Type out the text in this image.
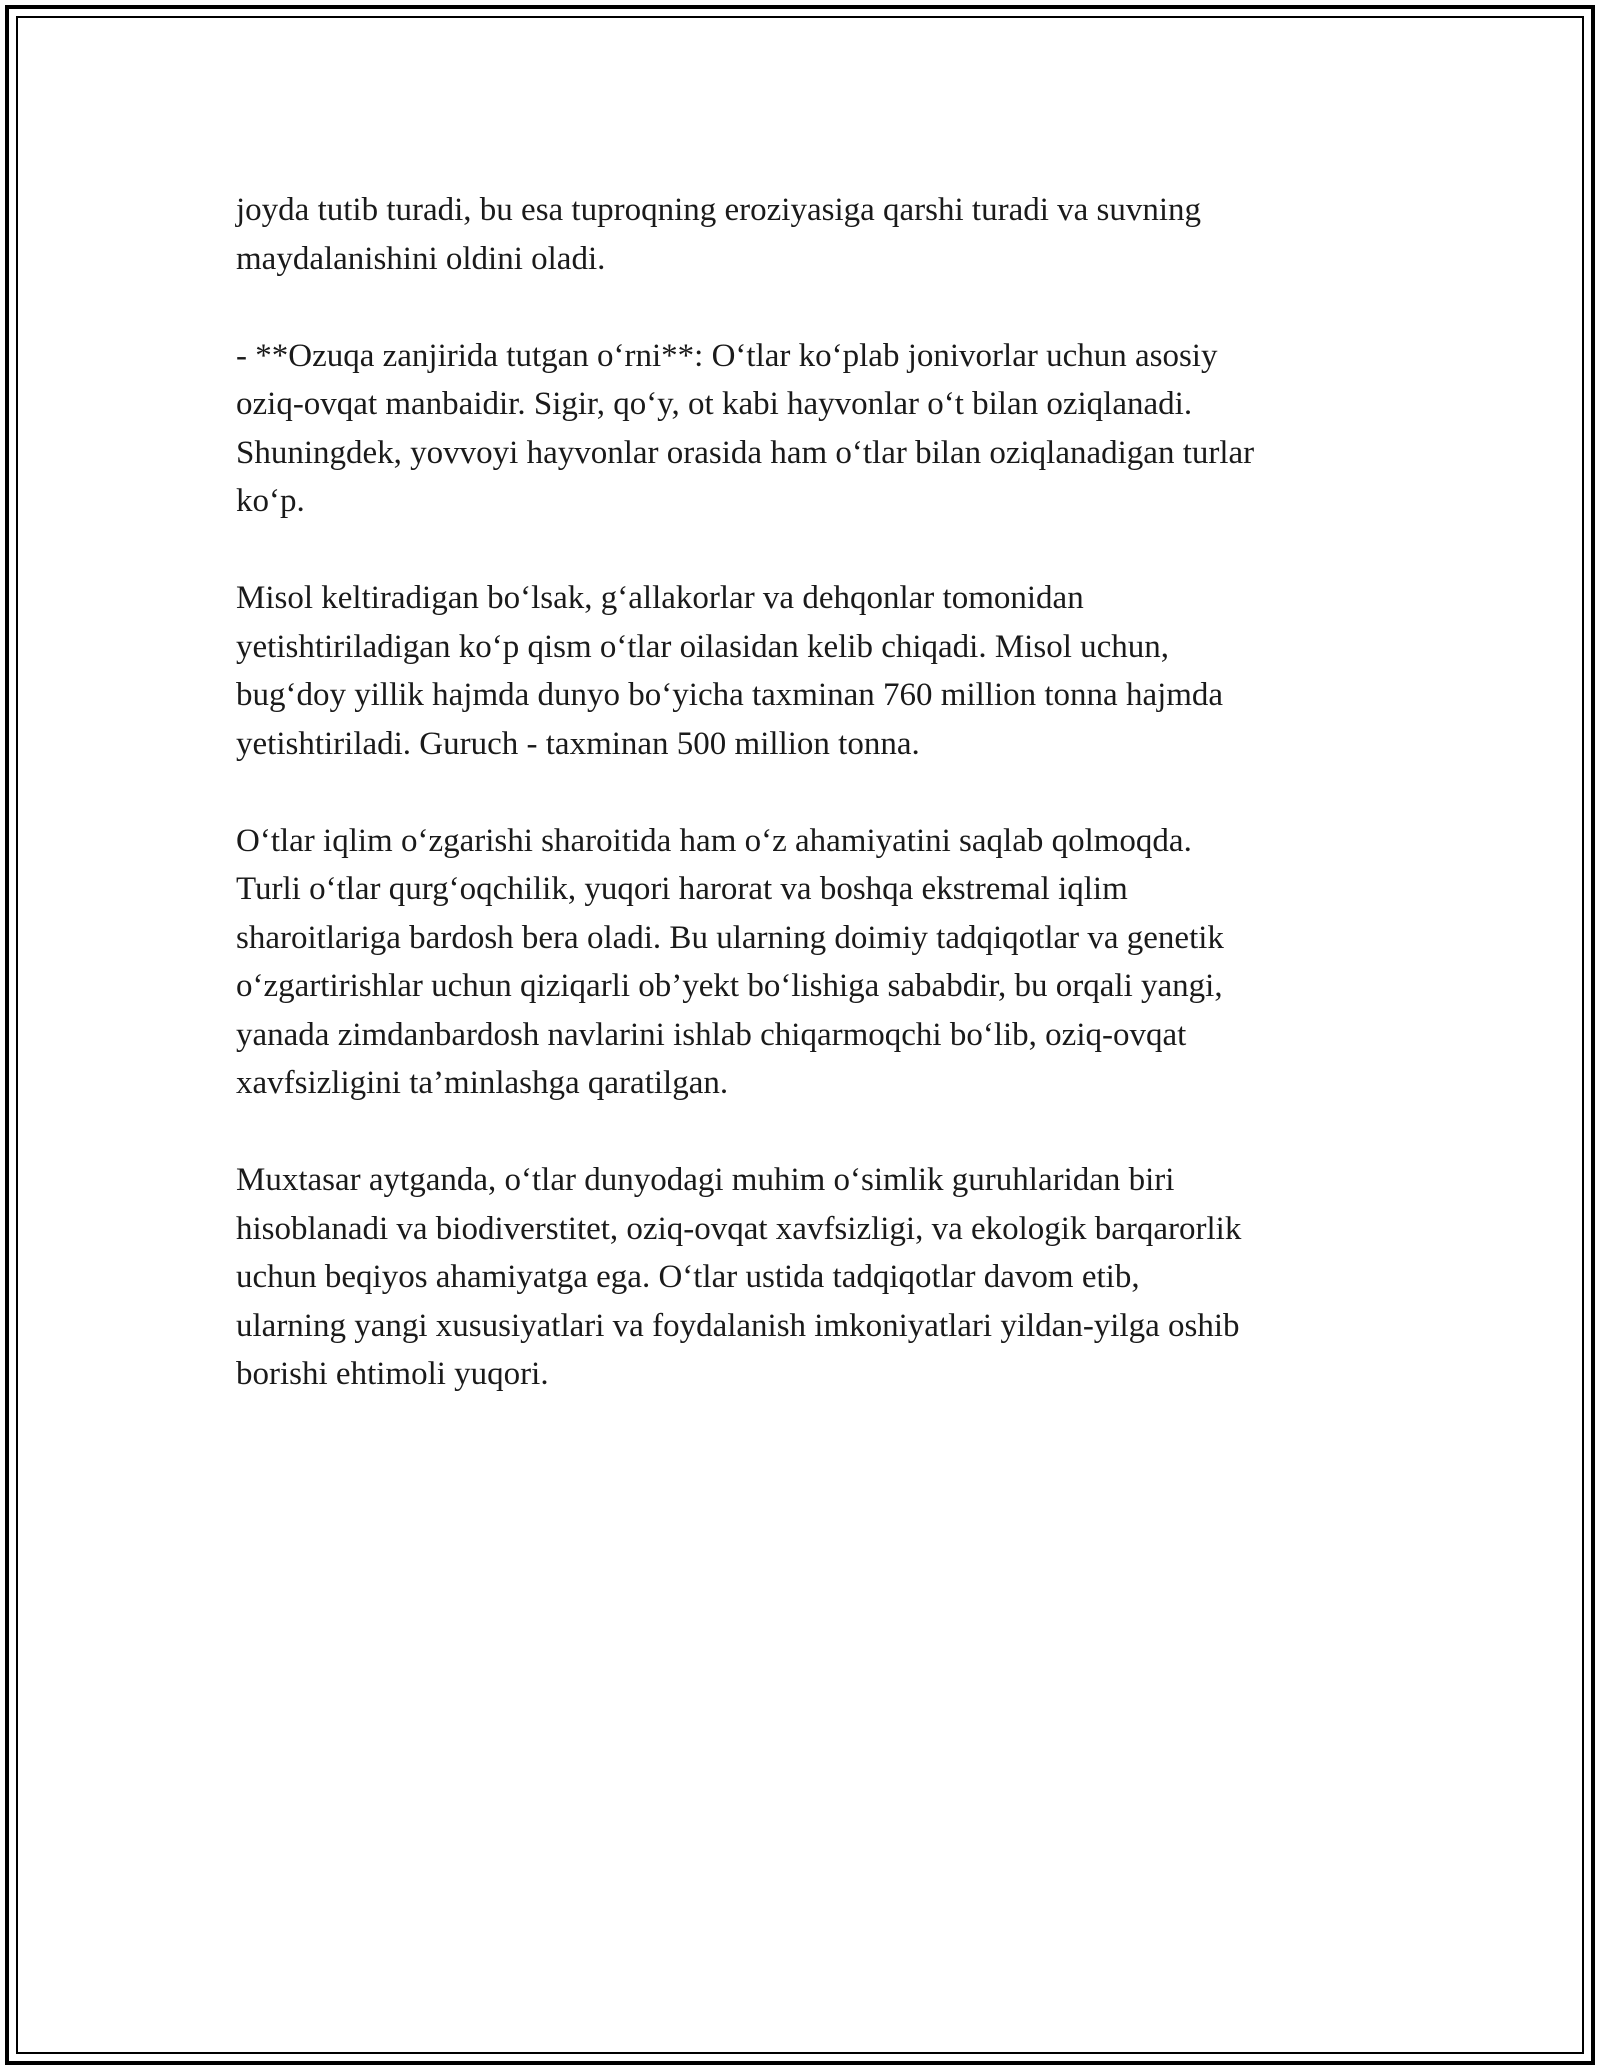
joyda tutib turadi, bu esa tuproqning eroziyasiga qarshi turadi va suvning
maydalanishini oldini oladi.

- **Ozuqa zanjirida tutgan o‘rni**: O‘tlar ko‘plab jonivorlar uchun asosiy
oziq-ovqat manbaidir. Sigir, qo‘y, ot kabi hayvonlar o‘t bilan oziqlanadi.
Shuningdek, yovvoyi hayvonlar orasida ham o‘tlar bilan oziqlanadigan turlar
ko‘p.

Misol keltiradigan bo‘lsak, g‘allakorlar va dehqonlar tomonidan
yetishtiriladigan ko‘p qism o‘tlar oilasidan kelib chiqadi. Misol uchun,
bug‘doy yillik hajmda dunyo bo‘yicha taxminan 760 million tonna hajmda
yetishtiriladi. Guruch - taxminan 500 million tonna.

O‘tlar iqlim o‘zgarishi sharoitida ham o‘z ahamiyatini saqlab qolmoqda.
Turli o‘tlar qurg‘oqchilik, yuqori harorat va boshqa ekstremal iqlim
sharoitlariga bardosh bera oladi. Bu ularning doimiy tadqiqotlar va genetik
o‘zgartirishlar uchun qiziqarli ob’yekt bo‘lishiga sababdir, bu orqali yangi,
yanada zimdanbardosh navlarini ishlab chiqarmoqchi bo‘lib, oziq-ovqat
xavfsizligini ta’minlashga qaratilgan.

Muxtasar aytganda, o‘tlar dunyodagi muhim o‘simlik guruhlaridan biri
hisoblanadi va biodiverstitet, oziq-ovqat xavfsizligi, va ekologik barqarorlik
uchun beqiyos ahamiyatga ega. O‘tlar ustida tadqiqotlar davom etib,
ularning yangi xususiyatlari va foydalanish imkoniyatlari yildan-yilga oshib
borishi ehtimoli yuqori.
